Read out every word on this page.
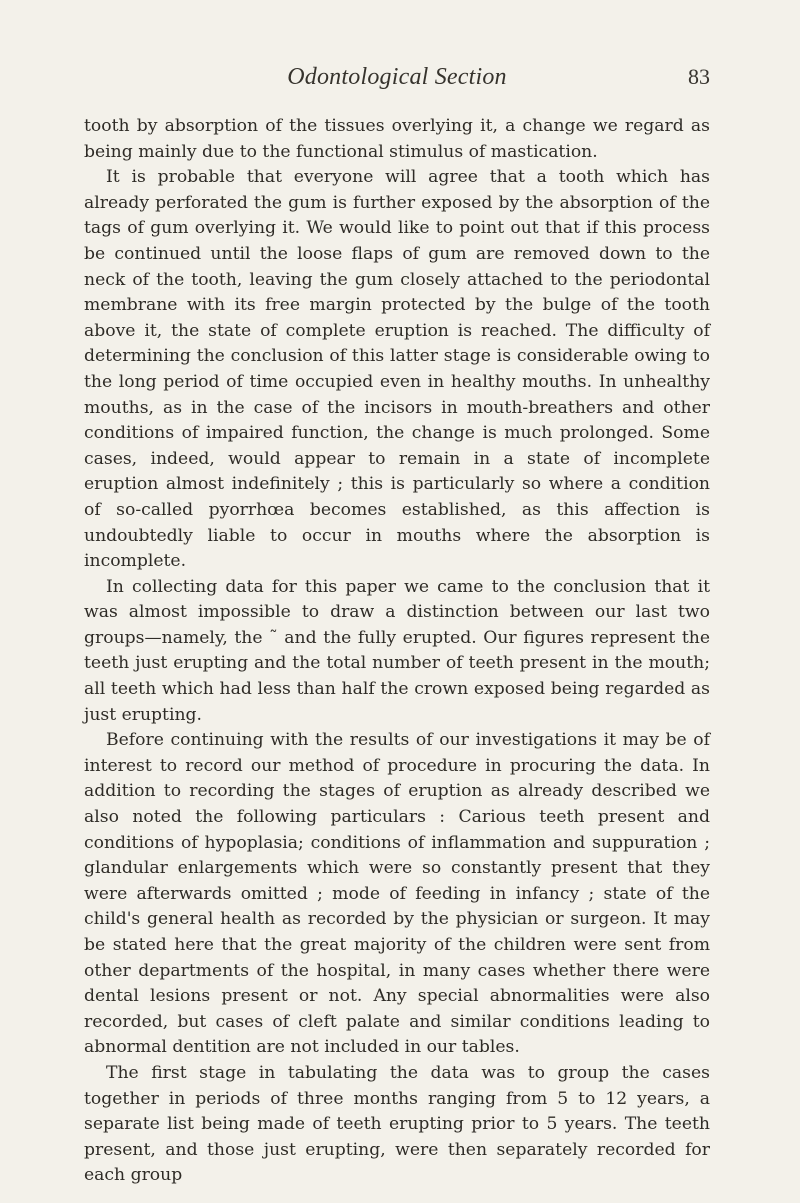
Odontological Section	83

tooth by absorption of the tissues overlying it, a change we regard as being mainly due to the functional stimulus of mastication.

It is probable that everyone will agree that a tooth which has already perforated the gum is further exposed by the absorption of the tags of gum overlying it. We would like to point out that if this process be continued until the loose flaps of gum are removed down to the neck of the tooth, leaving the gum closely attached to the periodontal membrane with its free margin protected by the bulge of the tooth above it, the state of complete eruption is reached. The difficulty of determining the conclusion of this latter stage is considerable owing to the long period of time occupied even in healthy mouths. In unhealthy mouths, as in the case of the incisors in mouth-breathers and other conditions of impaired function, the change is much prolonged. Some cases, indeed, would appear to remain in a state of incomplete eruption almost indefinitely ; this is particularly so where a condition of so-called pyorrhœa becomes established, as this affection is undoubtedly liable to occur in mouths where the absorption is incomplete.

In collecting data for this paper we came to the conclusion that it was almost impossible to draw a distinction between our last two groups—namely, the ˜ and the fully erupted. Our figures represent the teeth just erupting and the total number of teeth present in the mouth; all teeth which had less than half the crown exposed being regarded as just erupting.

Before continuing with the results of our investigations it may be of interest to record our method of procedure in procuring the data. In addition to recording the stages of eruption as already described we also noted the following particulars : Carious teeth present and conditions of hypoplasia; conditions of inflammation and suppuration ; glandular enlargements which were so constantly present that they were afterwards omitted ; mode of feeding in infancy ; state of the child's general health as recorded by the physician or surgeon. It may be stated here that the great majority of the children were sent from other departments of the hospital, in many cases whether there were dental lesions present or not. Any special abnormalities were also recorded, but cases of cleft palate and similar conditions leading to abnormal dentition are not included in our tables.

The first stage in tabulating the data was to group the cases together in periods of three months ranging from 5 to 12 years, a separate list being made of teeth erupting prior to 5 years. The teeth present, and those just erupting, were then separately recorded for each group
